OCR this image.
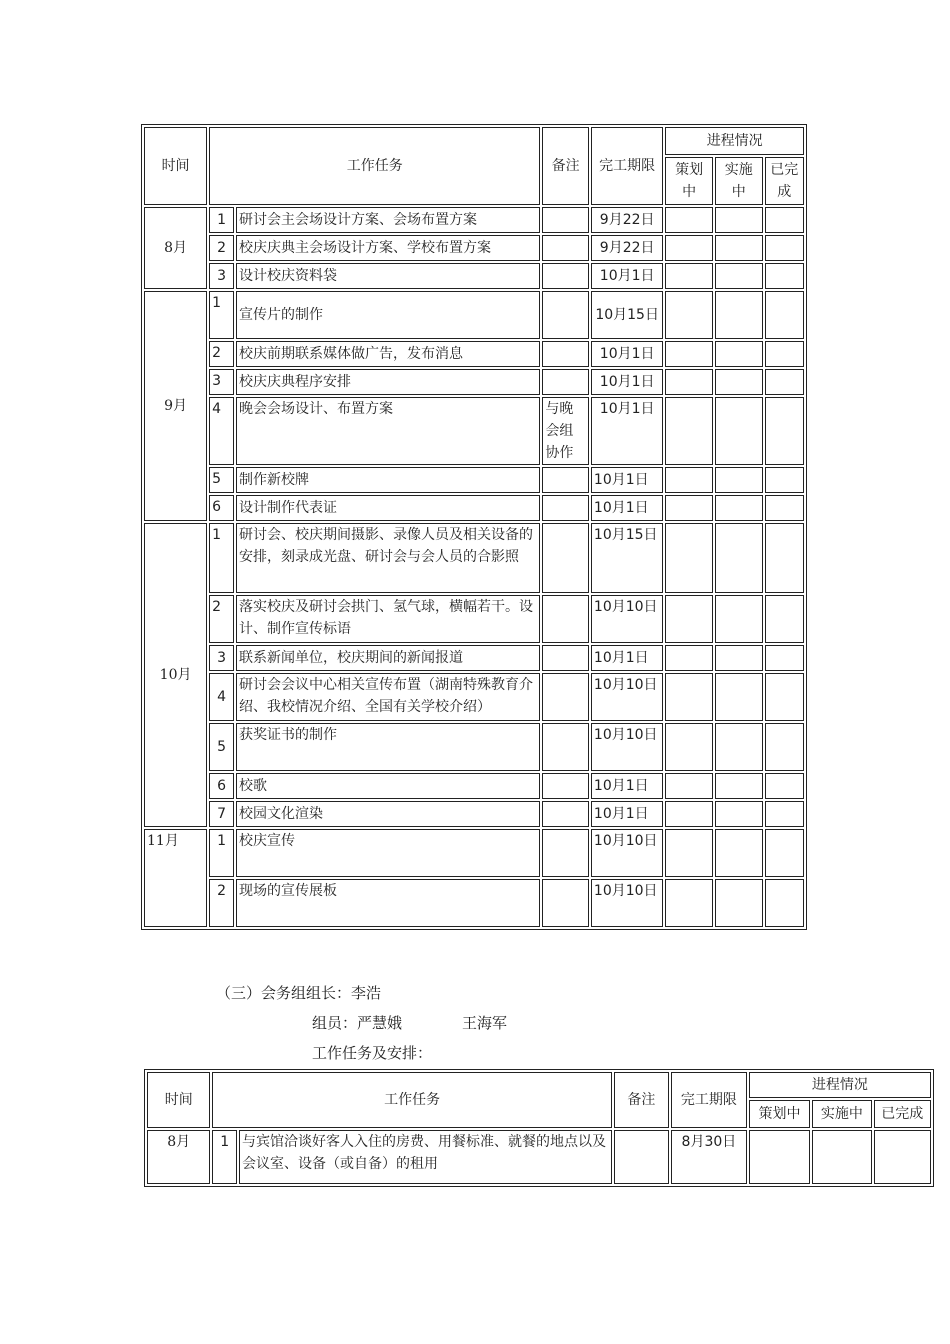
时间	工作任务		备注	完工期限	进程情况		
					策划中	实施中	已完成
8月	1	研讨会主会场设计方案、会场布置方案		9月22日			
	2	校庆庆典主会场设计方案、学校布置方案		9月22日			
	3	设计校庆资料袋		10月1日			
9月	1	宣传片的制作		10月15日			
	2	校庆前期联系媒体做广告，发布消息		10月1日			
	3	校庆庆典程序安排		10月1日			
	4	晚会会场设计、布置方案	与晚会组协作	10月1日			
	5	制作新校牌		10月1日			
	6	设计制作代表证		10月1日			
10月	1	研讨会、校庆期间摄影、录像人员及相关设备的安排，刻录成光盘、研讨会与会人员的合影照		10月15日			
	2	落实校庆及研讨会拱门、氢气球，横幅若干。设计、制作宣传标语		10月10日			
	3	联系新闻单位，校庆期间的新闻报道		10月1日			
	4	研讨会会议中心相关宣传布置（湖南特殊教育介绍、我校情况介绍、全国有关学校介绍）		10月10日			
	5	获奖证书的制作		10月10日			
	6	校歌		10月1日			
	7	校园文化渲染		10月1日			
11月	1	校庆宣传		10月10日			
	2	现场的宣传展板		10月10日			
（三）会务组组长：李浩
组员：严慧娥	王海军
工作任务及安排：
时间	工作任务		备注	完工期限	进程情况		
					策划中	实施中	已完成
8月	1	与宾馆洽谈好客人入住的房费、用餐标准、就餐的地点以及会议室、设备（或自备）的租用		8月30日			
